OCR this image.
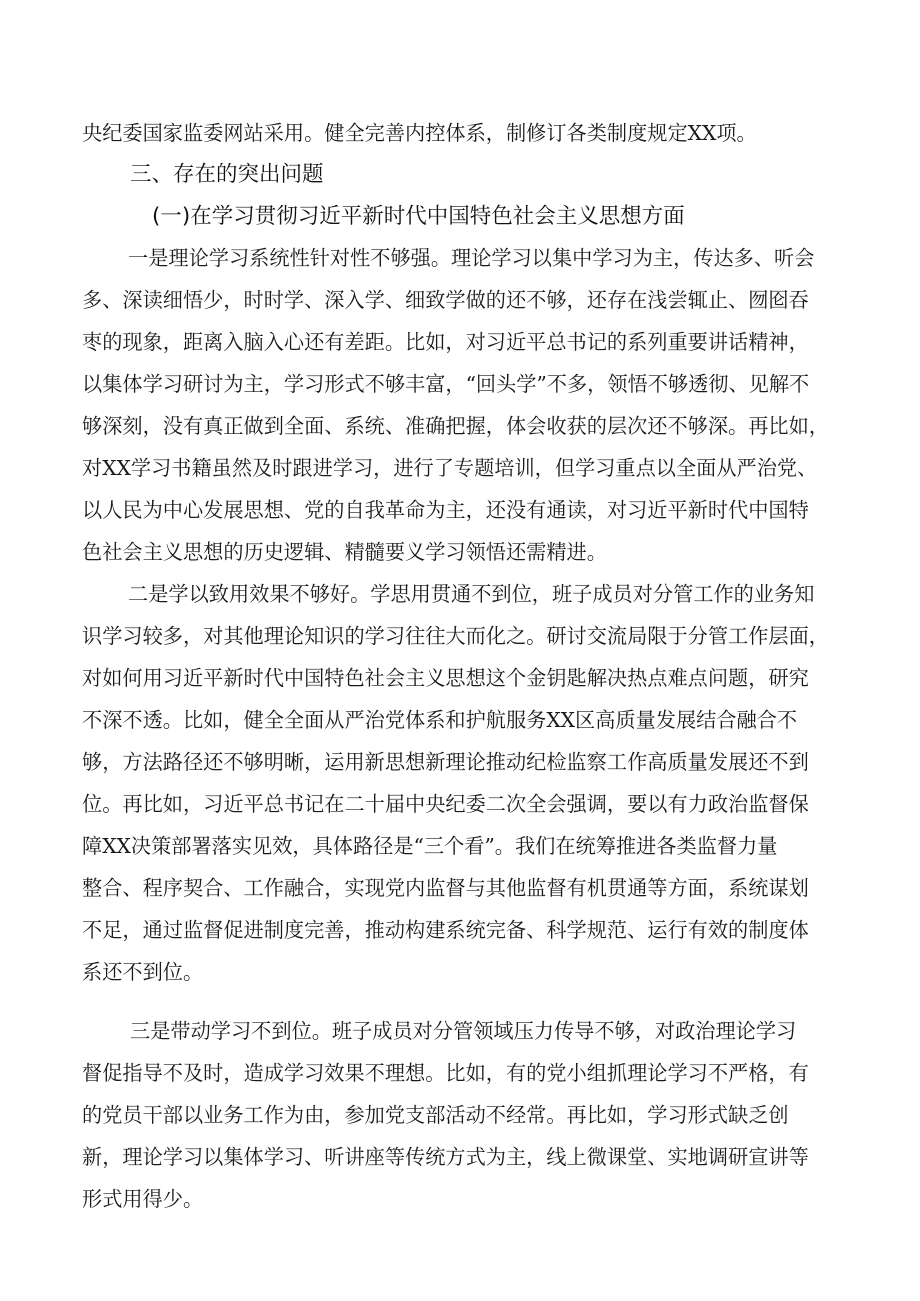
央纪委国家监委网站采用。健全完善内控体系，制修订各类制度规定XX项。
三、存在的突出问题
(一)在学习贯彻习近平新时代中国特色社会主义思想方面
一是理论学习系统性针对性不够强。理论学习以集中学习为主，传达多、听会
多、深读细悟少，时时学、深入学、细致学做的还不够，还存在浅尝辄止、囫囵吞
枣的现象，距离入脑入心还有差距。比如，对习近平总书记的系列重要讲话精神，
以集体学习研讨为主，学习形式不够丰富，“回头学”不多，领悟不够透彻、见解不
够深刻，没有真正做到全面、系统、准确把握，体会收获的层次还不够深。再比如，
对XX学习书籍虽然及时跟进学习，进行了专题培训，但学习重点以全面从严治党、
以人民为中心发展思想、党的自我革命为主，还没有通读，对习近平新时代中国特
色社会主义思想的历史逻辑、精髓要义学习领悟还需精进。
二是学以致用效果不够好。学思用贯通不到位，班子成员对分管工作的业务知
识学习较多，对其他理论知识的学习往往大而化之。研讨交流局限于分管工作层面，
对如何用习近平新时代中国特色社会主义思想这个金钥匙解决热点难点问题，研究
不深不透。比如，健全全面从严治党体系和护航服务XX区高质量发展结合融合不
够，方法路径还不够明晰，运用新思想新理论推动纪检监察工作高质量发展还不到
位。再比如，习近平总书记在二十届中央纪委二次全会强调，要以有力政治监督保
障XX决策部署落实见效，具体路径是“三个看”。我们在统筹推进各类监督力量
整合、程序契合、工作融合，实现党内监督与其他监督有机贯通等方面，系统谋划
不足，通过监督促进制度完善，推动构建系统完备、科学规范、运行有效的制度体
系还不到位。
三是带动学习不到位。班子成员对分管领域压力传导不够，对政治理论学习
督促指导不及时，造成学习效果不理想。比如，有的党小组抓理论学习不严格，有
的党员干部以业务工作为由，参加党支部活动不经常。再比如，学习形式缺乏创
新，理论学习以集体学习、听讲座等传统方式为主，线上微课堂、实地调研宣讲等
形式用得少。
